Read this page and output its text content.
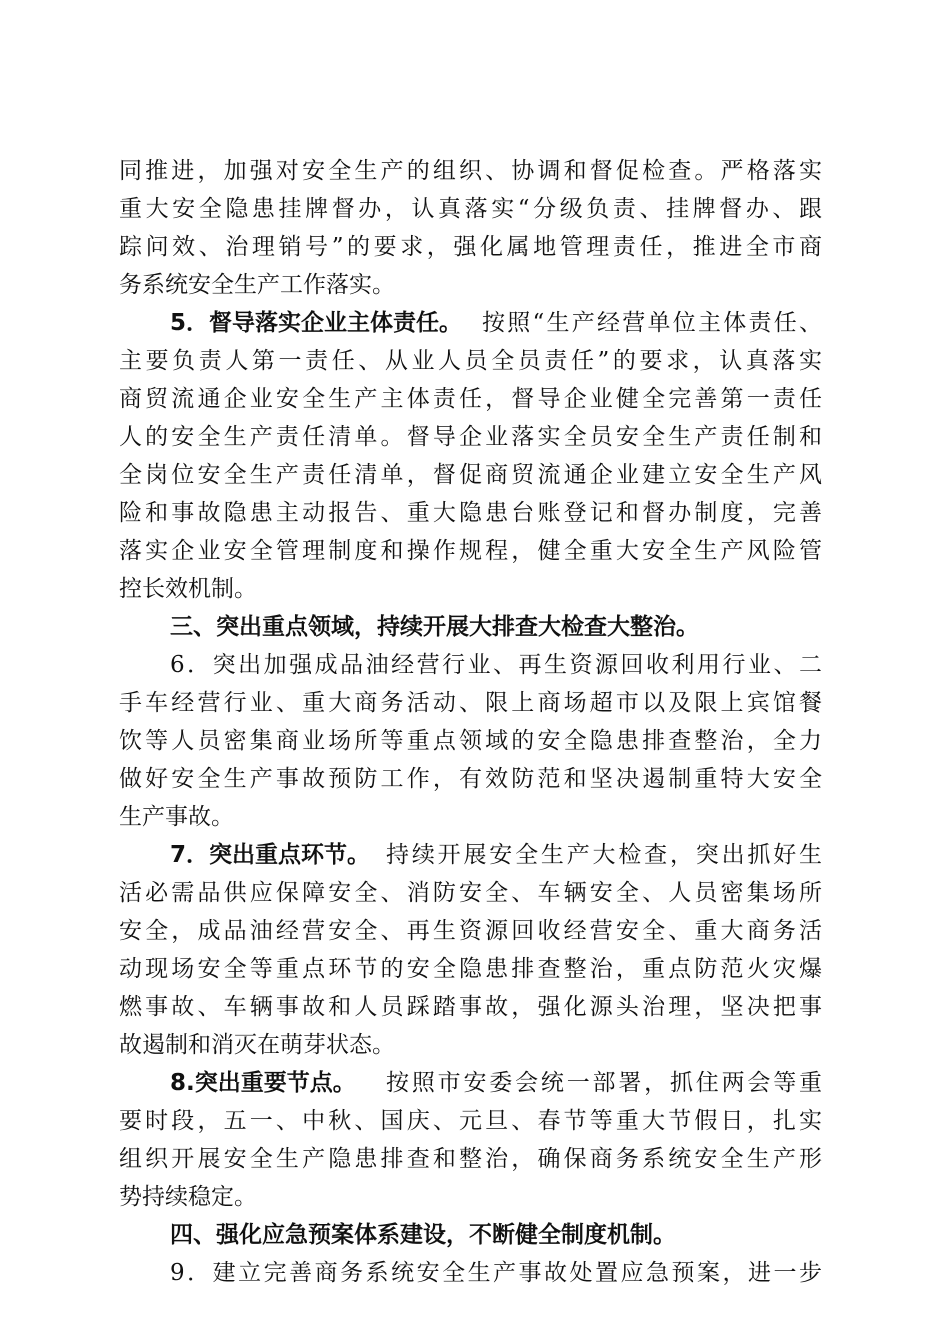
同推进，加强对安全生产的组织、协调和督促检查。严格落实
重大安全隐患挂牌督办，认真落实“分级负责、挂牌督办、跟
踪问效、治理销号”的要求，强化属地管理责任，推进全市商
务系统安全生产工作落实。
5．督导落实企业主体责任。 按照“生产经营单位主体责任、
主要负责人第一责任、从业人员全员责任”的要求，认真落实
商贸流通企业安全生产主体责任，督导企业健全完善第一责任
人的安全生产责任清单。督导企业落实全员安全生产责任制和
全岗位安全生产责任清单，督促商贸流通企业建立安全生产风
险和事故隐患主动报告、重大隐患台账登记和督办制度，完善
落实企业安全管理制度和操作规程，健全重大安全生产风险管
控长效机制。
三、突出重点领域，持续开展大排查大检查大整治。
6．突出加强成品油经营行业、再生资源回收利用行业、二
手车经营行业、重大商务活动、限上商场超市以及限上宾馆餐
饮等人员密集商业场所等重点领域的安全隐患排查整治，全力
做好安全生产事故预防工作，有效防范和坚决遏制重特大安全
生产事故。
7．突出重点环节。 持续开展安全生产大检查，突出抓好生
活必需品供应保障安全、消防安全、车辆安全、人员密集场所
安全，成品油经营安全、再生资源回收经营安全、重大商务活
动现场安全等重点环节的安全隐患排查整治，重点防范火灾爆
燃事故、车辆事故和人员踩踏事故，强化源头治理，坚决把事
故遏制和消灭在萌芽状态。
8.突出重要节点。 按照市安委会统一部署，抓住两会等重
要时段，五一、中秋、国庆、元旦、春节等重大节假日，扎实
组织开展安全生产隐患排查和整治，确保商务系统安全生产形
势持续稳定。
四、强化应急预案体系建设，不断健全制度机制。
9．建立完善商务系统安全生产事故处置应急预案，进一步
